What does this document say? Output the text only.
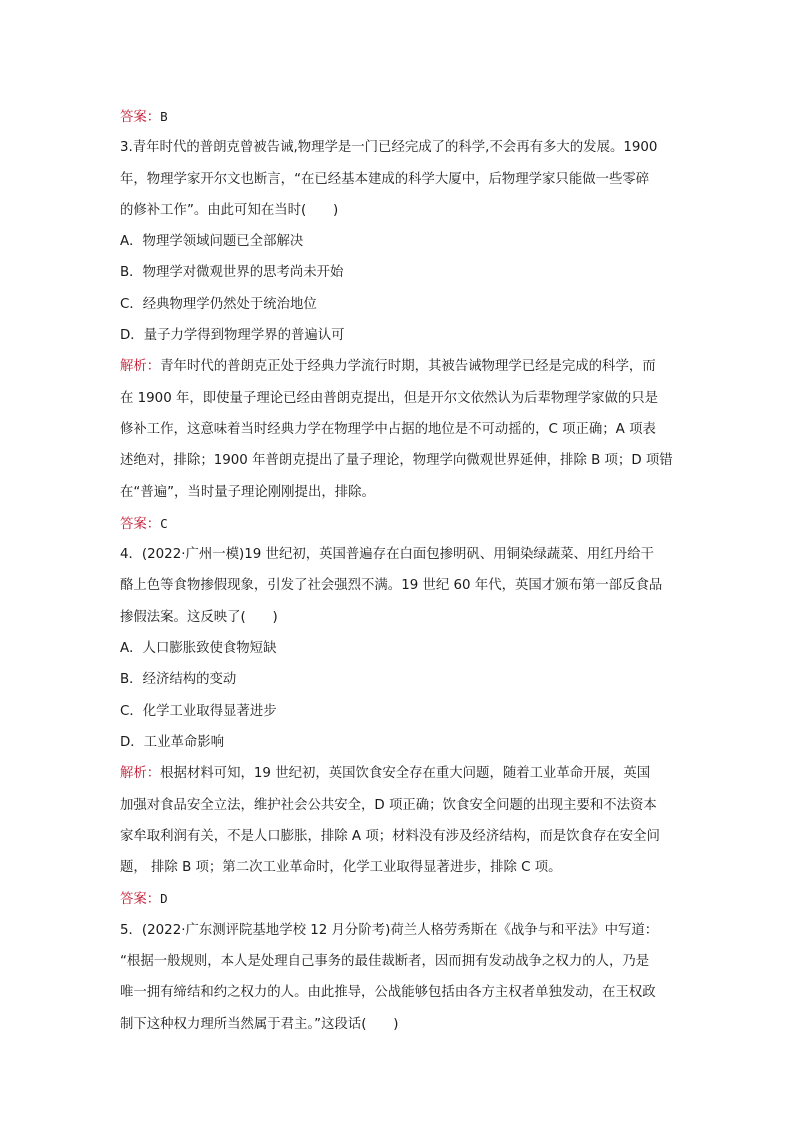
答案：B
3.青年时代的普朗克曾被告诫,物理学是一门已经完成了的科学,不会再有多大的发展。1900
年，物理学家开尔文也断言，“在已经基本建成的科学大厦中，后物理学家只能做一些零碎
的修补工作”。由此可知在当时(　　)
A．物理学领域问题已全部解决
B．物理学对微观世界的思考尚未开始
C．经典物理学仍然处于统治地位
D．量子力学得到物理学界的普遍认可
解析：青年时代的普朗克正处于经典力学流行时期，其被告诫物理学已经是完成的科学，而
在 1900 年，即使量子理论已经由普朗克提出，但是开尔文依然认为后辈物理学家做的只是
修补工作，这意味着当时经典力学在物理学中占据的地位是不可动摇的，C 项正确；A 项表
述绝对，排除；1900 年普朗克提出了量子理论，物理学向微观世界延伸，排除 B 项；D 项错
在“普遍”，当时量子理论刚刚提出，排除。
答案：C
4．(2022·广州一模)19 世纪初，英国普遍存在白面包掺明矾、用铜染绿蔬菜、用红丹给干
酪上色等食物掺假现象，引发了社会强烈不满。19 世纪 60 年代，英国才颁布第一部反食品
掺假法案。这反映了(　　)
A．人口膨胀致使食物短缺
B．经济结构的变动
C．化学工业取得显著进步
D．工业革命影响
解析：根据材料可知，19 世纪初，英国饮食安全存在重大问题，随着工业革命开展，英国
加强对食品安全立法，维护社会公共安全，D 项正确；饮食安全问题的出现主要和不法资本
家牟取利润有关，不是人口膨胀，排除 A 项；材料没有涉及经济结构，而是饮食存在安全问
题， 排除 B 项；第二次工业革命时，化学工业取得显著进步，排除 C 项。
答案：D
5．(2022·广东测评院基地学校 12 月分阶考)荷兰人格劳秀斯在《战争与和平法》中写道：
“根据一般规则，本人是处理自己事务的最佳裁断者，因而拥有发动战争之权力的人，乃是
唯一拥有缔结和约之权力的人。由此推导，公战能够包括由各方主权者单独发动，在王权政
制下这种权力理所当然属于君主。”这段话(　　)
